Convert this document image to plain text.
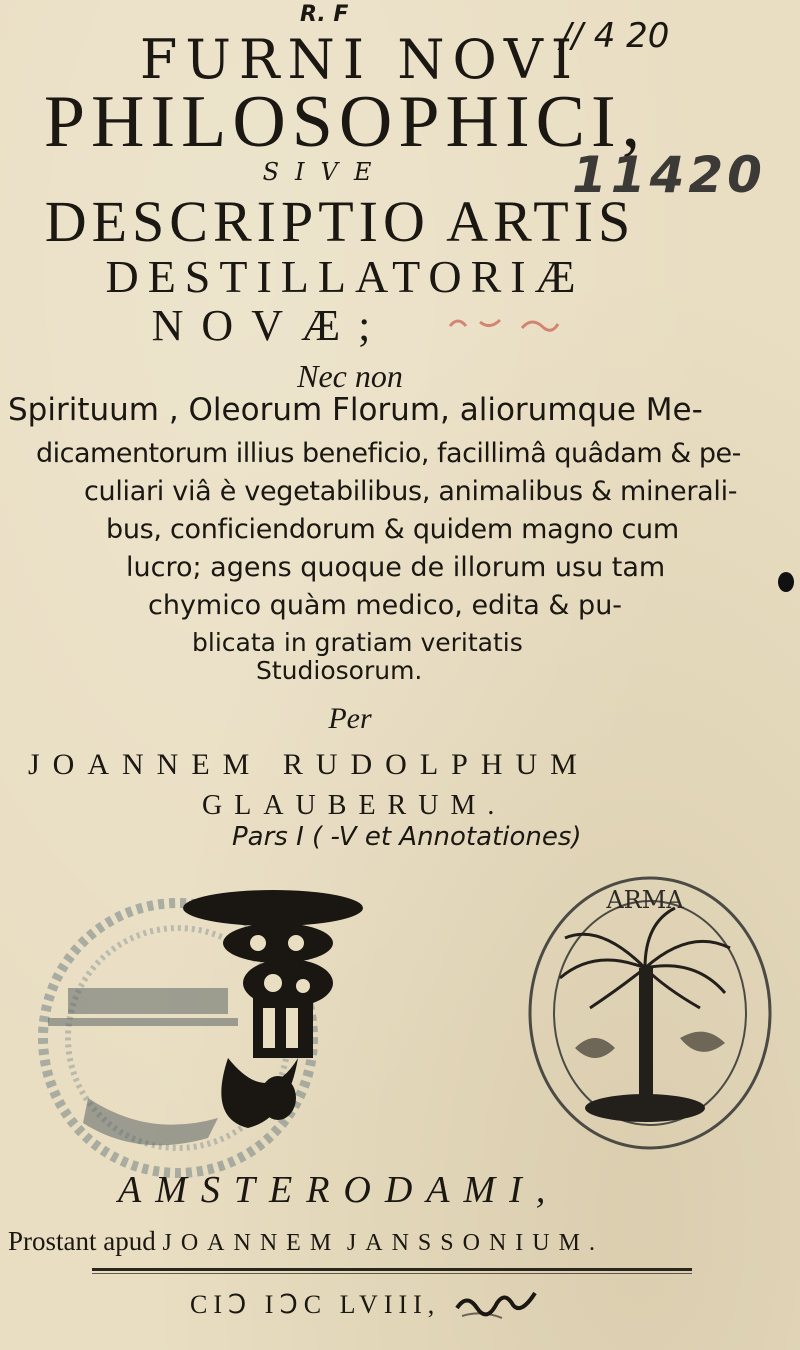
R. F
// 4 20
FURNI NOVI
PHILOSOPHICI,
SIVE	11420
DESCRIPTIO ARTIS
DESTILLATORIÆ
NOVÆ;
Nec non
Spirituum , Oleorum Florum, aliorumque Me-
dicamentorum illius beneficio, facillimâ quâdam & pe-
culiari viâ è vegetabilibus, animalibus & minerali-
bus, conficiendorum & quidem magno cum
lucro; agens quoque de illorum usu tam
chymico quàm medico, edita & pu-
blicata in gratiam veritatis
Studiosorum.
Per
JOANNEM RUDOLPHUM
GLAUBERUM.
Pars I ( -V et Annotationes)
ARMA
AMSTERODAMI,
Prostant apud JOANNEM JANSSONIUM.
CIↃ IↃC LVIII,
